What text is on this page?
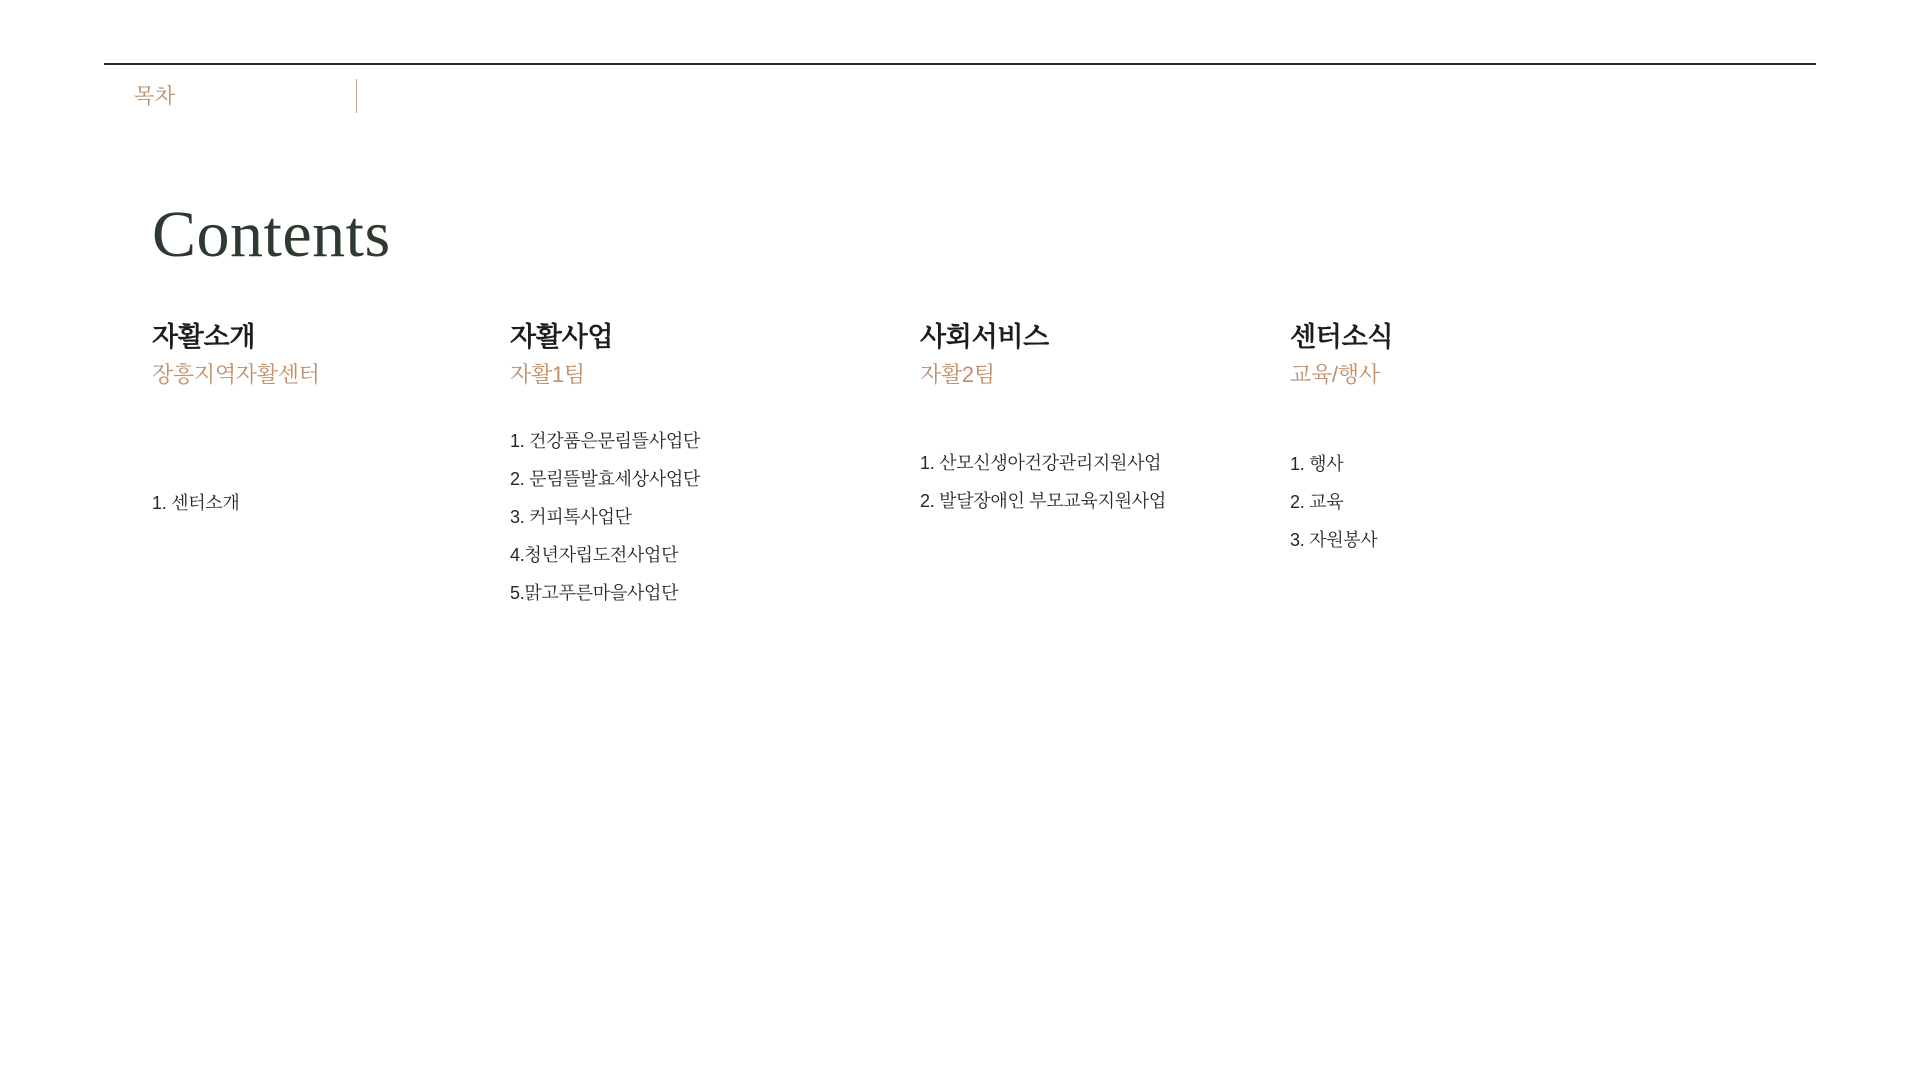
목차
Contents
자활소개
장흥지역자활센터
1. 센터소개
자활사업
자활1팀
1. 건강품은문림뜰사업단
2. 문림뜰발효세상사업단
3. 커피톡사업단
4.청년자립도전사업단
5.맑고푸른마을사업단
사회서비스
자활2팀
1. 산모신생아건강관리지원사업
2. 발달장애인 부모교육지원사업
센터소식
교육/행사
1. 행사
2. 교육
3. 자원봉사
